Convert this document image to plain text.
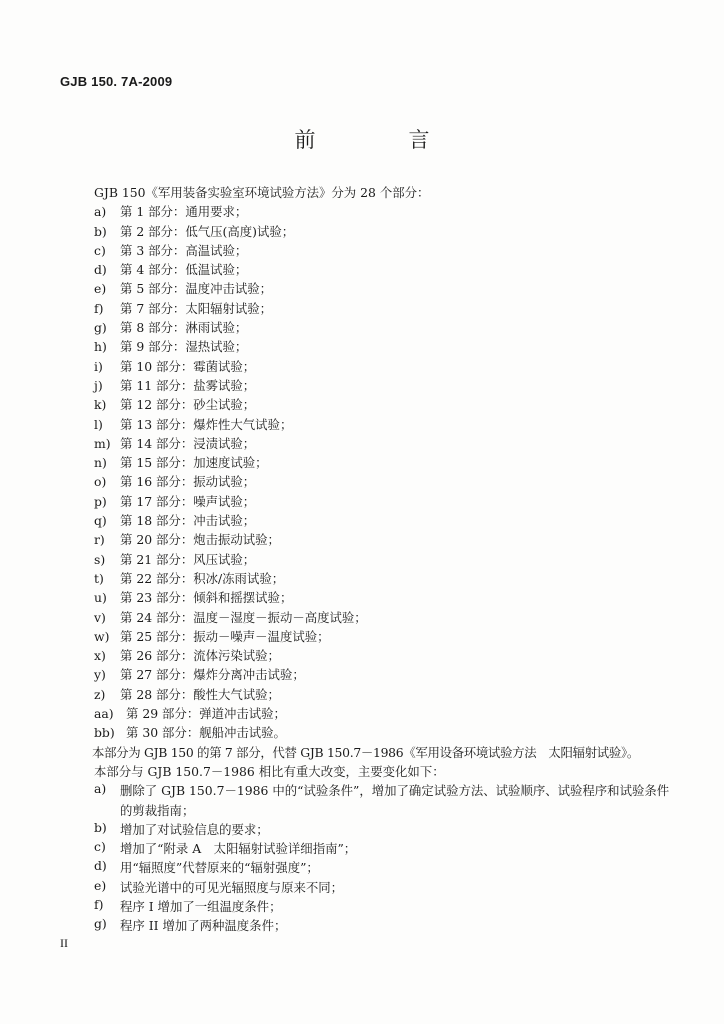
GJB 150. 7A-2009
前　言
GJB 150《军用装备实验室环境试验方法》分为 28 个部分：
a) 第 1 部分：通用要求；
b) 第 2 部分：低气压(高度)试验；
c) 第 3 部分：高温试验；
d) 第 4 部分：低温试验；
e) 第 5 部分：温度冲击试验；
f) 第 7 部分：太阳辐射试验；
g) 第 8 部分：淋雨试验；
h) 第 9 部分：湿热试验；
i) 第 10 部分：霉菌试验；
j) 第 11 部分：盐雾试验；
k) 第 12 部分：砂尘试验；
l) 第 13 部分：爆炸性大气试验；
m) 第 14 部分：浸渍试验；
n) 第 15 部分：加速度试验；
o) 第 16 部分：振动试验；
p) 第 17 部分：噪声试验；
q) 第 18 部分：冲击试验；
r) 第 20 部分：炮击振动试验；
s) 第 21 部分：风压试验；
t) 第 22 部分：积冰/冻雨试验；
u) 第 23 部分：倾斜和摇摆试验；
v) 第 24 部分：温度－湿度－振动－高度试验；
w) 第 25 部分：振动－噪声－温度试验；
x) 第 26 部分：流体污染试验；
y) 第 27 部分：爆炸分离冲击试验；
z) 第 28 部分：酸性大气试验；
aa) 第 29 部分：弹道冲击试验；
bb) 第 30 部分：舰船冲击试验。
本部分为 GJB 150 的第 7 部分，代替 GJB 150.7－1986《军用设备环境试验方法　太阳辐射试验》。
本部分与 GJB 150.7－1986 相比有重大改变，主要变化如下：
a)	删除了 GJB 150.7－1986 中的“试验条件”，增加了确定试验方法、试验顺序、试验程序和试验条件的剪裁指南；
b)	增加了对试验信息的要求；
c)	增加了“附录 A　太阳辐射试验详细指南”；
d)	用“辐照度”代替原来的“辐射强度”；
e)	试验光谱中的可见光辐照度与原来不同；
f)	程序 I 增加了一组温度条件；
g)	程序 II 增加了两种温度条件；
II
